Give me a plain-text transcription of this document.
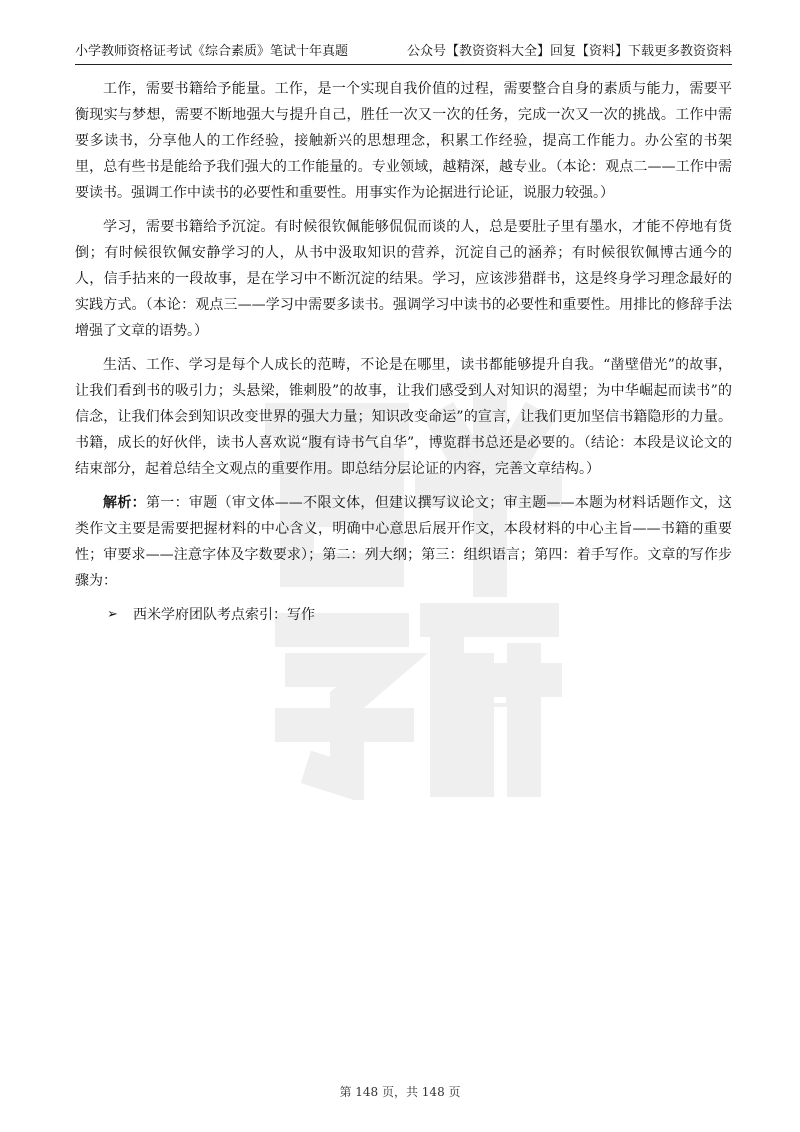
小学教师资格证考试《综合素质》笔试十年真题	公众号【教资资料大全】回复【资料】下载更多教资资料

工作，需要书籍给予能量。工作，是一个实现自我价值的过程，需要整合自身的素质与能力，需要平衡现实与梦想，需要不断地强大与提升自己，胜任一次又一次的任务，完成一次又一次的挑战。工作中需要多读书，分享他人的工作经验，接触新兴的思想理念，积累工作经验，提高工作能力。办公室的书架里，总有些书是能给予我们强大的工作能量的。专业领域，越精深，越专业。（本论：观点二——工作中需要读书。强调工作中读书的必要性和重要性。用事实作为论据进行论证，说服力较强。）

学习，需要书籍给予沉淀。有时候很钦佩能够侃侃而谈的人，总是要肚子里有墨水，才能不停地有货倒；有时候很钦佩安静学习的人，从书中汲取知识的营养，沉淀自己的涵养；有时候很钦佩博古通今的人，信手拈来的一段故事，是在学习中不断沉淀的结果。学习，应该涉猎群书，这是终身学习理念最好的实践方式。（本论：观点三——学习中需要多读书。强调学习中读书的必要性和重要性。用排比的修辞手法增强了文章的语势。）

生活、工作、学习是每个人成长的范畴，不论是在哪里，读书都能够提升自我。“凿壁借光”的故事，让我们看到书的吸引力；头悬梁，锥刺股”的故事，让我们感受到人对知识的渴望；为中华崛起而读书”的信念，让我们体会到知识改变世界的强大力量；知识改变命运”的宣言，让我们更加坚信书籍隐形的力量。书籍，成长的好伙伴，读书人喜欢说“腹有诗书气自华”，博览群书总还是必要的。（结论：本段是议论文的结束部分，起着总结全文观点的重要作用。即总结分层论证的内容，完善文章结构。）

解析：第一：审题（审文体——不限文体，但建议撰写议论文；审主题——本题为材料话题作文，这类作文主要是需要把握材料的中心含义，明确中心意思后展开作文，本段材料的中心主旨——书籍的重要性；审要求——注意字体及字数要求）；第二：列大纲；第三：组织语言；第四：着手写作。文章的写作步骤为：

➢ 西米学府团队考点索引：写作
第 148 页，共 148 页
